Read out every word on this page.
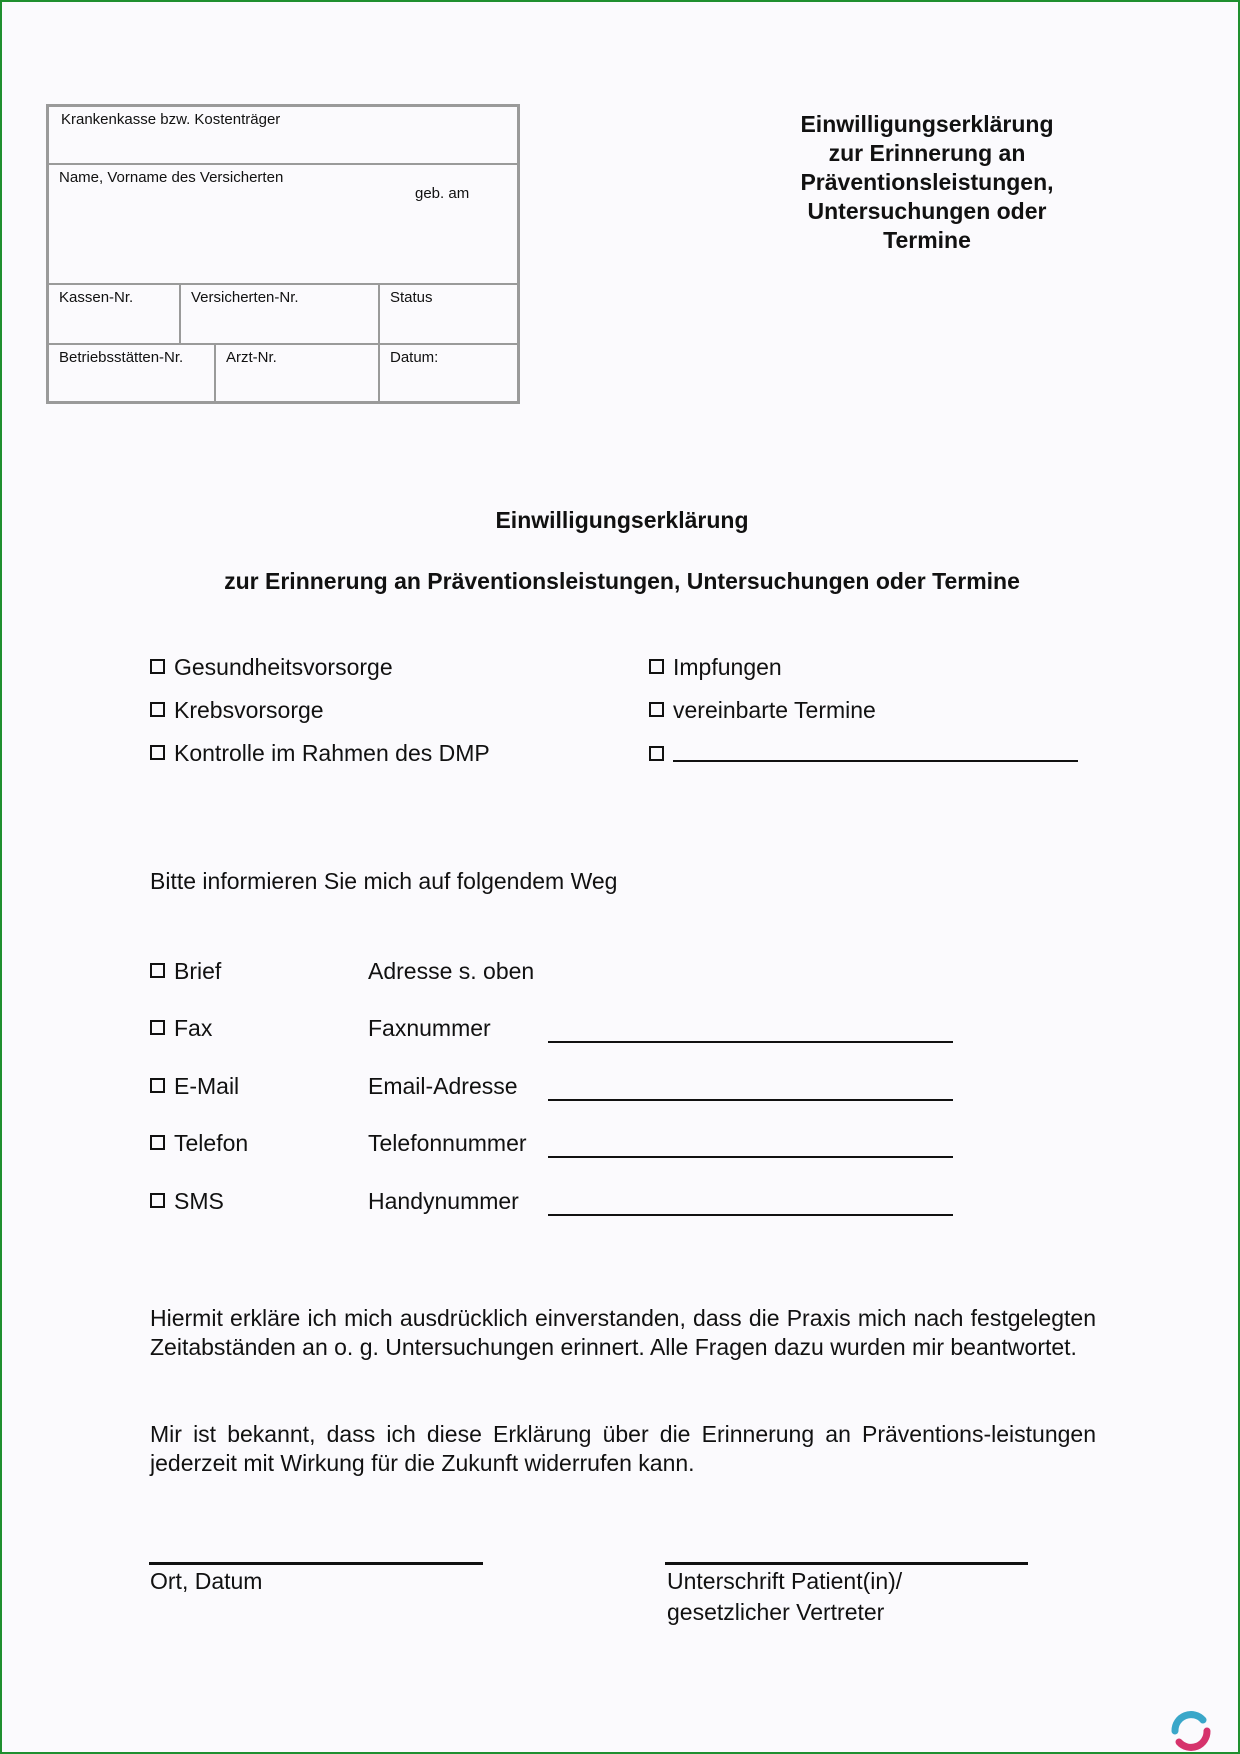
Krankenkasse bzw. Kostenträger
Name, Vorname des Versicherten
geb. am
Kassen-Nr.	Versicherten-Nr.	Status
Betriebsstätten-Nr.	Arzt-Nr.	Datum:
Einwilligungserklärung
zur Erinnerung an
Präventionsleistungen,
Untersuchungen oder
Termine
Einwilligungserklärung
zur Erinnerung an Präventionsleistungen, Untersuchungen oder Termine
Gesundheitsvorsorge
Krebsvorsorge
Kontrolle im Rahmen des DMP
Impfungen
vereinbarte Termine
Bitte informieren Sie mich auf folgendem Weg
Brief	Adresse s. oben
Fax	Faxnummer
E-Mail	Email-Adresse
Telefon	Telefonnummer
SMS	Handynummer
Hiermit erkläre ich mich ausdrücklich einverstanden, dass die Praxis mich nach festgelegten Zeitabständen an o. g. Untersuchungen erinnert. Alle Fragen dazu wurden mir beantwortet.
Mir ist bekannt, dass ich diese Erklärung über die Erinnerung an Präventions-leistungen jederzeit mit Wirkung für die Zukunft widerrufen kann.
Ort, Datum	Unterschrift Patient(in)/
gesetzlicher Vertreter
